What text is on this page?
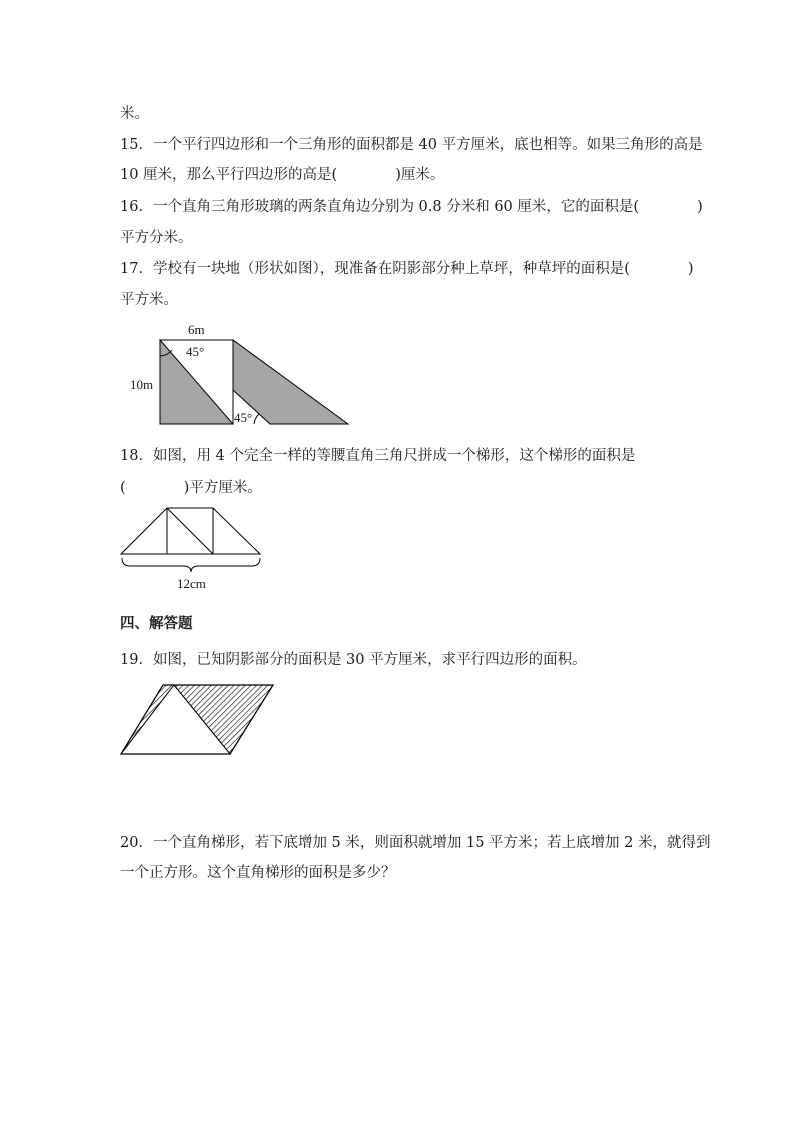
米。
15．一个平行四边形和一个三角形的面积都是 40 平方厘米，底也相等。如果三角形的高是
10 厘米，那么平行四边形的高是(	)厘米。
16．一个直角三角形玻璃的两条直角边分别为 0.8 分米和 60 厘米，它的面积是(	)
平方分米。
17．学校有一块地（形状如图），现准备在阴影部分种上草坪，种草坪的面积是(	)
平方米。
6m
10m
45°
45°
18．如图，用 4 个完全一样的等腰直角三角尺拼成一个梯形，这个梯形的面积是
(	)平方厘米。
12cm
四、解答题
19．如图，已知阴影部分的面积是 30 平方厘米，求平行四边形的面积。
20．一个直角梯形，若下底增加 5 米，则面积就增加 15 平方米；若上底增加 2 米，就得到
一个正方形。这个直角梯形的面积是多少？
